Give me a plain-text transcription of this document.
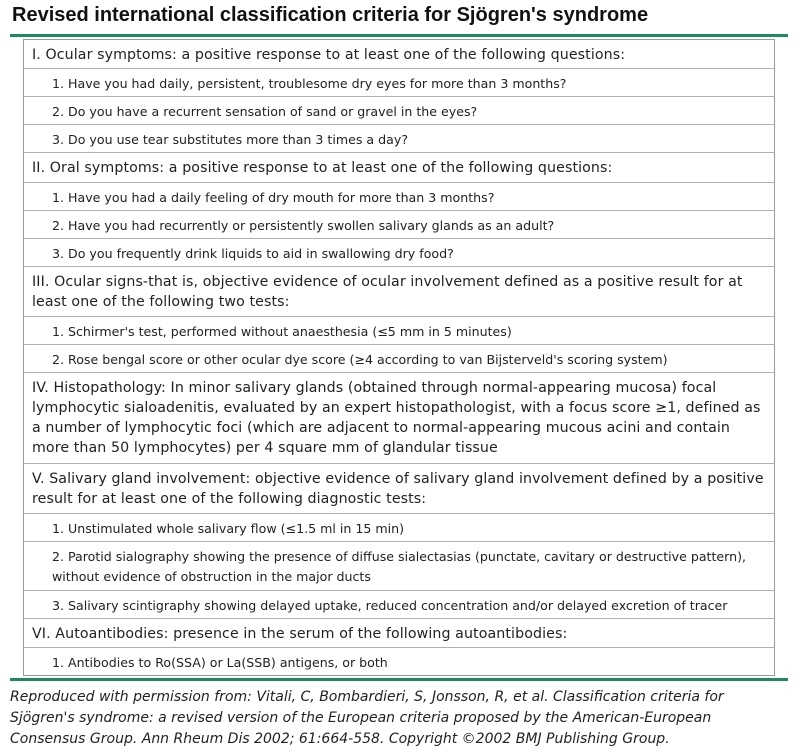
Revised international classification criteria for Sjögren's syndrome
I. Ocular symptoms: a positive response to at least one of the following questions:
1. Have you had daily, persistent, troublesome dry eyes for more than 3 months?
2. Do you have a recurrent sensation of sand or gravel in the eyes?
3. Do you use tear substitutes more than 3 times a day?
II. Oral symptoms: a positive response to at least one of the following questions:
1. Have you had a daily feeling of dry mouth for more than 3 months?
2. Have you had recurrently or persistently swollen salivary glands as an adult?
3. Do you frequently drink liquids to aid in swallowing dry food?
III. Ocular signs-that is, objective evidence of ocular involvement defined as a positive result for at least one of the following two tests:
1. Schirmer's test, performed without anaesthesia (≤5 mm in 5 minutes)
2. Rose bengal score or other ocular dye score (≥4 according to van Bijsterveld's scoring system)
IV. Histopathology: In minor salivary glands (obtained through normal-appearing mucosa) focal lymphocytic sialoadenitis, evaluated by an expert histopathologist, with a focus score ≥1, defined as a number of lymphocytic foci (which are adjacent to normal-appearing mucous acini and contain more than 50 lymphocytes) per 4 square mm of glandular tissue
V. Salivary gland involvement: objective evidence of salivary gland involvement defined by a positive result for at least one of the following diagnostic tests:
1. Unstimulated whole salivary flow (≤1.5 ml in 15 min)
2. Parotid sialography showing the presence of diffuse sialectasias (punctate, cavitary or destructive pattern), without evidence of obstruction in the major ducts
3. Salivary scintigraphy showing delayed uptake, reduced concentration and/or delayed excretion of tracer
VI. Autoantibodies: presence in the serum of the following autoantibodies:
1. Antibodies to Ro(SSA) or La(SSB) antigens, or both
Reproduced with permission from: Vitali, C, Bombardieri, S, Jonsson, R, et al. Classification criteria for
Sjögren's syndrome: a revised version of the European criteria proposed by the American-European
Consensus Group. Ann Rheum Dis 2002; 61:664-558. Copyright ©2002 BMJ Publishing Group.
